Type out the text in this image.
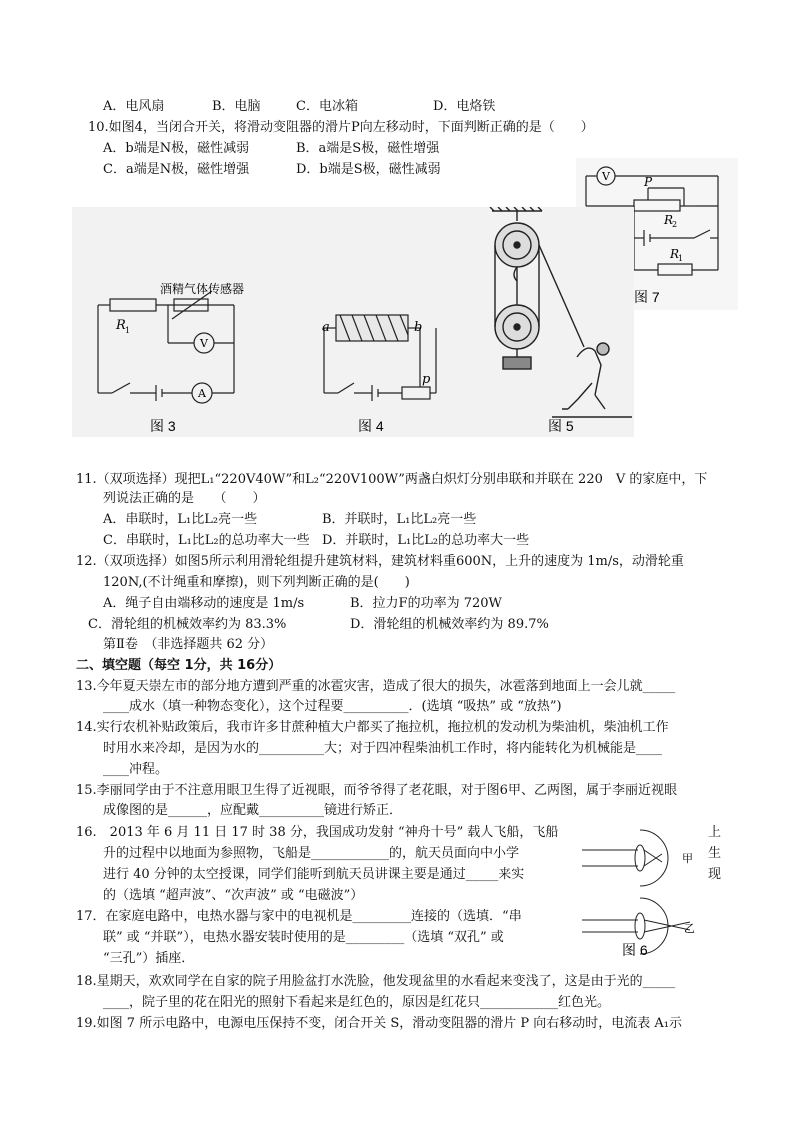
A．电风扇	B．电脑	C．电冰箱	D．电烙铁
10.如图4，当闭合开关，将滑动变阻器的滑片P向左移动时，下面判断正确的是（　　）
A．b端是N极，磁性减弱	B．a端是S极，磁性增强
C．a端是N极，磁性增强	D．b端是S极，磁性减弱	V	P
R
2
R
1
图 7
酒精气体传感器
R 1
V
A
图 3
a	b
p
图 4	图 5
11.（双项选择）现把L₁“220V40W”和L₂“220V100W”两盏白炽灯分别串联和并联在 220　V 的家庭中，下
列说法正确的是　　（　　）
A．串联时，L₁比L₂亮一些	B．并联时，L₁比L₂亮一些
C．串联时，L₁比L₂的总功率大一些 D．并联时，L₁比L₂的总功率大一些
12.（双项选择）如图5所示利用滑轮组提升建筑材料，建筑材料重600N，上升的速度为 1m/s，动滑轮重
120N,(不计绳重和摩擦)，则下列判断正确的是(　　)
A．绳子自由端移动的速度是 1m/s	B．拉力F的功率为 720W
C．滑轮组的机械效率约为 83.3%	D．滑轮组的机械效率约为 89.7%
第Ⅱ卷　（非选择题共 62 分）
二、填空题（每空 1分，共 16分）
13.今年夏天崇左市的部分地方遭到严重的冰雹灾害，造成了很大的损失，冰雹落到地面上一会儿就_____
____成水（填一种物态变化），这个过程要__________．(选填 “吸热” 或 “放热”)
14.实行农机补贴政策后，我市许多甘蔗种植大户都买了拖拉机，拖拉机的发动机为柴油机，柴油机工作
时用水来冷却，是因为水的__________大；对于四冲程柴油机工作时，将内能转化为机械能是____
____冲程。
15.李丽同学由于不注意用眼卫生得了近视眼，而爷爷得了老花眼，对于图6甲、乙两图，属于李丽近视眼
成像图的是______，应配戴__________镜进行矫正．
16.　2013 年 6 月 11 日 17 时 38 分，我国成功发射 “神舟十号” 载人飞船，飞船
升的过程中以地面为参照物，飞船是____________的，航天员面向中小学
进行 40 分钟的太空授课，同学们能听到航天员讲课主要是通过_____来实
的（选填 “超声波”、“次声波” 或 “电磁波”）
上
生
现
甲
乙
图 6
17．在家庭电路中，电热水器与家中的电视机是_________连接的（选填．“串
联” 或 “并联”），电热水器安装时使用的是_________（选填 “双孔” 或
“三孔”）插座．
18.星期天，欢欢同学在自家的院子用脸盆打水洗脸，他发现盆里的水看起来变浅了，这是由于光的_____
____，院子里的花在阳光的照射下看起来是红色的，原因是红花只____________红色光。
19.如图 7 所示电路中，电源电压保持不变，闭合开关 S，滑动变阻器的滑片 P 向右移动时，电流表 A₁示
